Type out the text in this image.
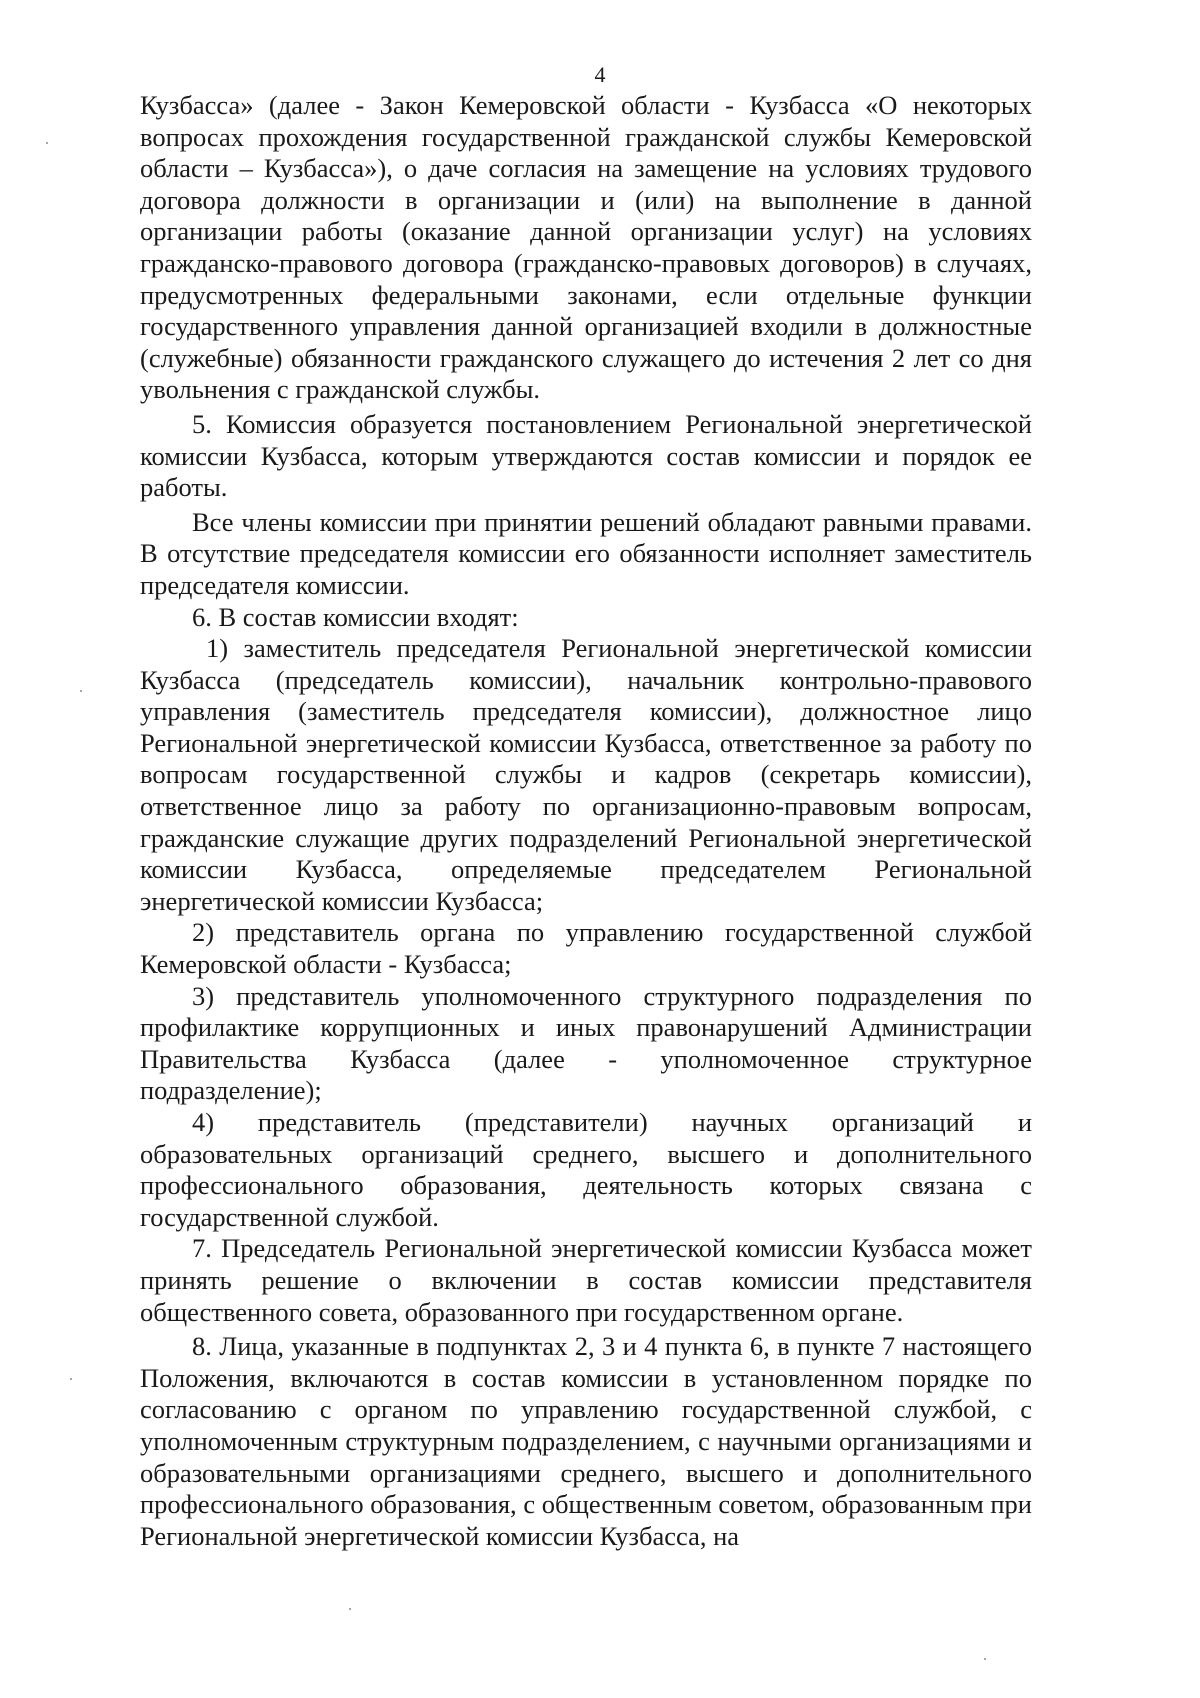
4

Кузбасса» (далее - Закон Кемеровской области - Кузбасса «О некоторых вопросах прохождения государственной гражданской службы Кемеровской области – Кузбасса»), о даче согласия на замещение на условиях трудового договора должности в организации и (или) на выполнение в данной организации работы (оказание данной организации услуг) на условиях гражданско-правового договора (гражданско-правовых договоров) в случаях, предусмотренных федеральными законами, если отдельные функции государственного управления данной организацией входили в должностные (служебные) обязанности гражданского служащего до истечения 2 лет со дня увольнения с гражданской службы.

5. Комиссия образуется постановлением Региональной энергетической комиссии Кузбасса, которым утверждаются состав комиссии и порядок ее работы.

Все члены комиссии при принятии решений обладают равными правами. В отсутствие председателя комиссии его обязанности исполняет заместитель председателя комиссии.

6. В состав комиссии входят:

1) заместитель председателя Региональной энергетической комиссии Кузбасса (председатель комиссии), начальник контрольно-правового управления (заместитель председателя комиссии), должностное лицо Региональной энергетической комиссии Кузбасса, ответственное за работу по вопросам государственной службы и кадров (секретарь комиссии), ответственное лицо за работу по организационно-правовым вопросам, гражданские служащие других подразделений Региональной энергетической комиссии Кузбасса, определяемые председателем Региональной энергетической комиссии Кузбасса;

2) представитель органа по управлению государственной службой Кемеровской области - Кузбасса;

3) представитель уполномоченного структурного подразделения по профилактике коррупционных и иных правонарушений Администрации Правительства Кузбасса (далее - уполномоченное структурное подразделение);

4) представитель (представители) научных организаций и образовательных организаций среднего, высшего и дополнительного профессионального образования, деятельность которых связана с государственной службой.

7. Председатель Региональной энергетической комиссии Кузбасса может принять решение о включении в состав комиссии представителя общественного совета, образованного при государственном органе.

8. Лица, указанные в подпунктах 2, 3 и 4 пункта 6, в пункте 7 настоящего Положения, включаются в состав комиссии в установленном порядке по согласованию с органом по управлению государственной службой, с уполномоченным структурным подразделением, с научными организациями и образовательными организациями среднего, высшего и дополнительного профессионального образования, с общественным советом, образованным при Региональной энергетической комиссии Кузбасса, на
